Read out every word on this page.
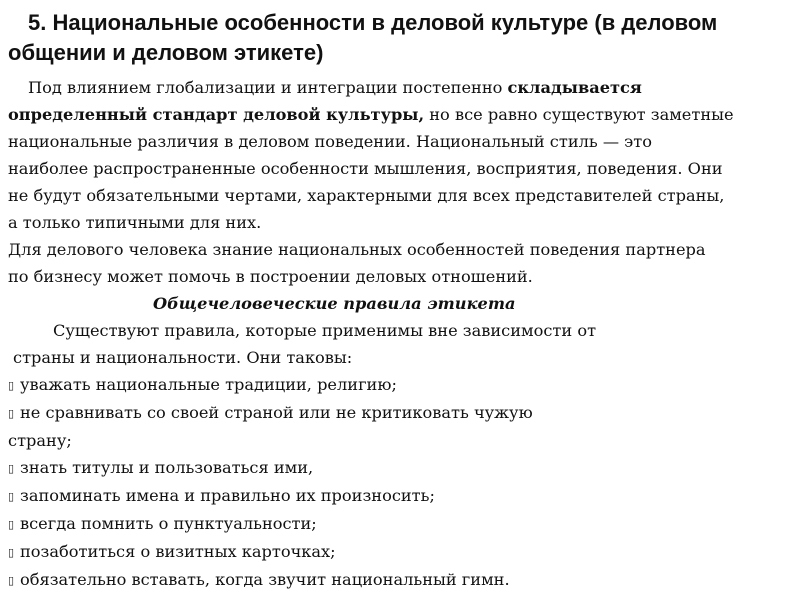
5. Национальные особенности в деловой культуре (в деловом общении и деловом этикете)
Под влиянием глобализации и интеграции постепенно складывается
определенный стандарт деловой культуры, но все равно существуют заметные
национальные различия в деловом поведении. Национальный стиль — это
наиболее распространенные особенности мышления, восприятия, поведения. Они
не будут обязательными чертами, характерными для всех представителей страны,
а только типичными для них.
Для делового человека знание национальных особенностей поведения партнера
по бизнесу может помочь в построении деловых отношений.
Общечеловеческие правила этикета
Существуют правила, которые применимы вне зависимости от
страны и национальности. Они таковы:
▯ уважать национальные традиции, религию;
▯ не сравнивать со своей страной или не критиковать чужую
страну;
▯ знать титулы и пользоваться ими,
▯ запоминать имена и правильно их произносить;
▯ всегда помнить о пунктуальности;
▯ позаботиться о визитных карточках;
▯ обязательно вставать, когда звучит национальный гимн.
